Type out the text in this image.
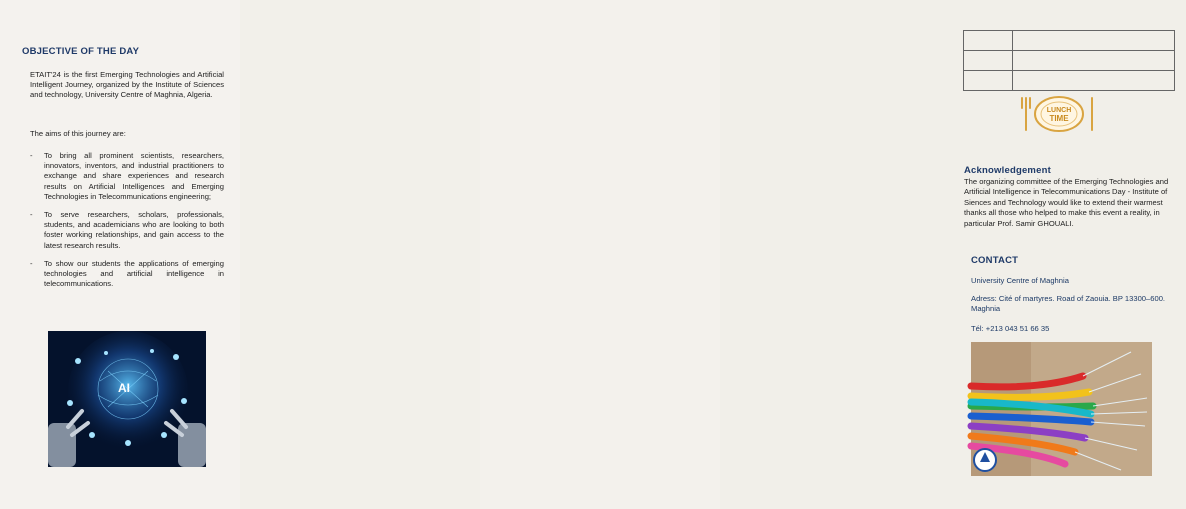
OBJECTIVE OF THE DAY
ETAIT'24 is the first Emerging Technologies and Artificial Intelligent Journey, organized by the Institute of Sciences and technology, University Centre of Maghnia, Algeria.
The aims of this journey are:
- To bring all prominent scientists, researchers, innovators, inventors, and industrial practitioners to exchange and share experiences and research results on Artificial Intelligences and Emerging Technologies in Telecommunications engineering;
- To serve researchers, scholars, professionals, students, and academicians who are looking to both foster working relationships, and gain access to the latest research results.
- To show our students the applications of emerging technologies and artificial intelligence in telecommunications.
AI

LUNCH
TIME
Acknowledgement
The organizing committee of the Emerging Technologies and Artificial Intelligence in Telecommunications Day - Institute of Siences and Technology would like to extend their warmest thanks all those who helped to make this event a reality, in particular Prof. Samir GHOUALI.
CONTACT
University Centre of Maghnia
Adress: Cité of martyres. Road of Zaouia. BP 13300–600. Maghnia
Tél: +213 043 51 66 35
